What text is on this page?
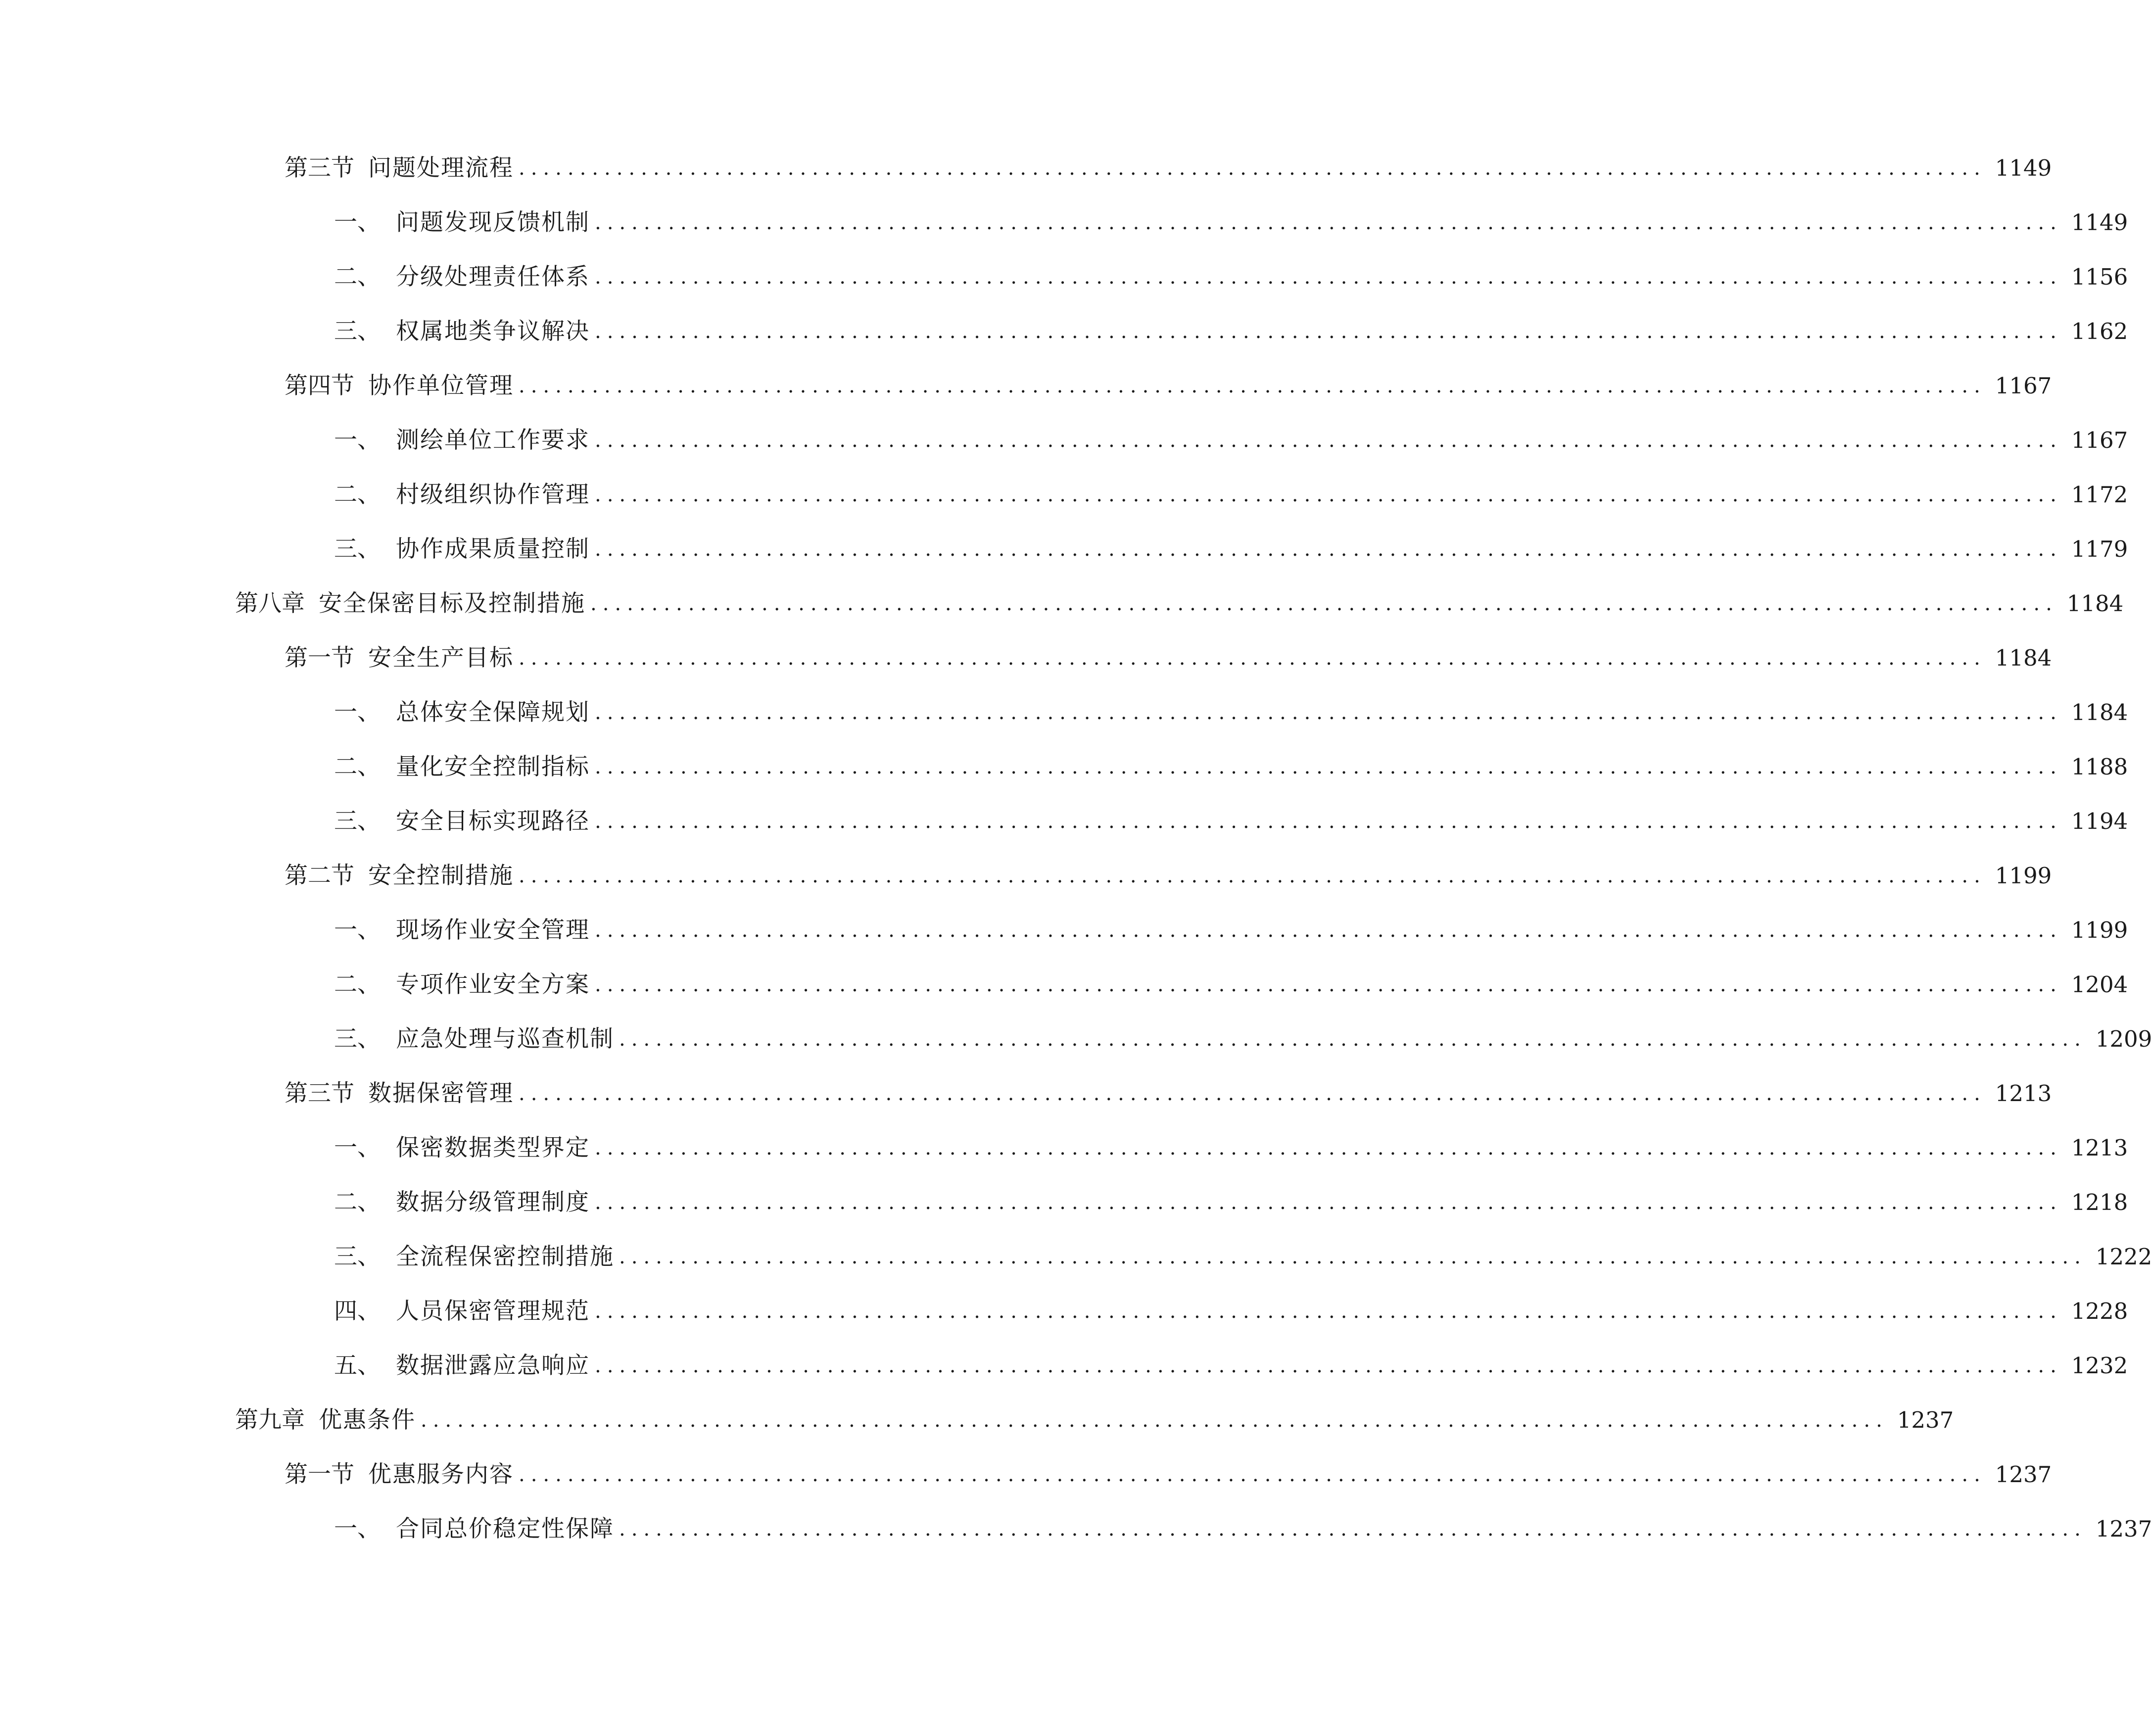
第三节 问题处理流程 ........................................................................................................................ 1149
一、 问题发现反馈机制 ........................................................................................................................ 1149
二、 分级处理责任体系 ........................................................................................................................ 1156
三、 权属地类争议解决 ........................................................................................................................ 1162
第四节 协作单位管理 ........................................................................................................................ 1167
一、 测绘单位工作要求 ........................................................................................................................ 1167
二、 村级组织协作管理 ........................................................................................................................ 1172
三、 协作成果质量控制 ........................................................................................................................ 1179
第八章 安全保密目标及控制措施 ........................................................................................................................ 1184
第一节 安全生产目标 ........................................................................................................................ 1184
一、 总体安全保障规划 ........................................................................................................................ 1184
二、 量化安全控制指标 ........................................................................................................................ 1188
三、 安全目标实现路径 ........................................................................................................................ 1194
第二节 安全控制措施 ........................................................................................................................ 1199
一、 现场作业安全管理 ........................................................................................................................ 1199
二、 专项作业安全方案 ........................................................................................................................ 1204
三、 应急处理与巡查机制 ........................................................................................................................ 1209
第三节 数据保密管理 ........................................................................................................................ 1213
一、 保密数据类型界定 ........................................................................................................................ 1213
二、 数据分级管理制度 ........................................................................................................................ 1218
三、 全流程保密控制措施 ........................................................................................................................ 1222
四、 人员保密管理规范 ........................................................................................................................ 1228
五、 数据泄露应急响应 ........................................................................................................................ 1232
第九章 优惠条件 ........................................................................................................................ 1237
第一节 优惠服务内容 ........................................................................................................................ 1237
一、 合同总价稳定性保障 ........................................................................................................................ 1237
